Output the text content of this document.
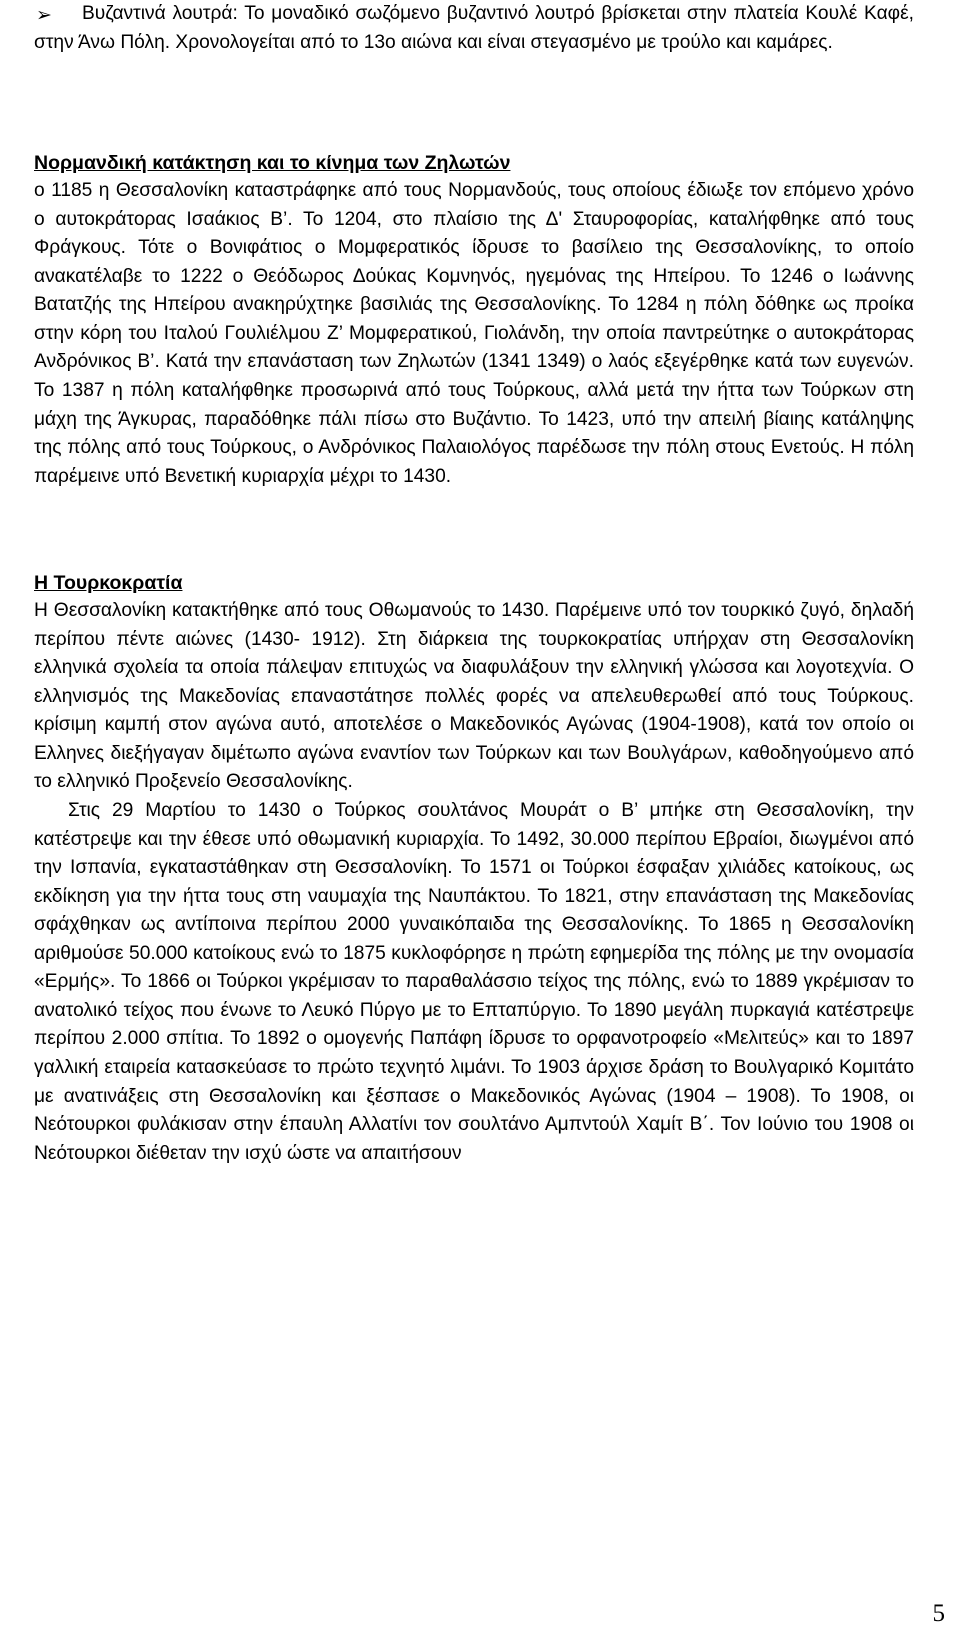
➢	Βυζαντινά λουτρά: Το μοναδικό σωζόμενο βυζαντινό λουτρό βρίσκεται στην πλατεία Κουλέ Καφέ, στην Άνω Πόλη. Χρονολογείται από το 13ο αιώνα και είναι στεγασμένο με τρούλο και καμάρες.

Νορμανδική κατάκτηση και το κίνημα των Ζηλωτών

ο 1185 η Θεσσαλονίκη καταστράφηκε από τους Νορμανδούς, τους οποίους έδιωξε τον επόμενο χρόνο ο αυτοκράτορας Ισαάκιος Β’. Το 1204, στο πλαίσιο της Δ' Σταυροφορίας, καταλήφθηκε από τους Φράγκους. Τότε ο Βονιφάτιος ο Μομφερατικός ίδρυσε το βασίλειο της Θεσσαλονίκης, το οποίο ανακατέλαβε το 1222 ο Θεόδωρος Δούκας Κομνηνός, ηγεμόνας της Ηπείρου. Το 1246 ο Ιωάννης Βατατζής της Ηπείρου ανακηρύχτηκε βασιλιάς της Θεσσαλονίκης. Το 1284 η πόλη δόθηκε ως προίκα στην κόρη του Ιταλού Γουλιέλμου Ζ’ Μομφερατικού, Γιολάνδη, την οποία παντρεύτηκε ο αυτοκράτορας Ανδρόνικος Β’. Κατά την επανάσταση των Ζηλωτών (1341 1349) ο λαός εξεγέρθηκε κατά των ευγενών. Το 1387 η πόλη καταλήφθηκε προσωρινά από τους Τούρκους, αλλά μετά την ήττα των Τούρκων στη μάχη της Άγκυρας, παραδόθηκε πάλι πίσω στο Βυζάντιο. Το 1423, υπό την απειλή βίαιης κατάληψης της πόλης από τους Τούρκους, ο Ανδρόνικος Παλαιολόγος παρέδωσε την πόλη στους Ενετούς. Η πόλη παρέμεινε υπό Βενετική κυριαρχία μέχρι το 1430.

Η Τουρκοκρατία

Η Θεσσαλονίκη κατακτήθηκε από τους Οθωμανούς το 1430. Παρέμεινε υπό τον τουρκικό ζυγό, δηλαδή περίπου πέντε αιώνες (1430- 1912). Στη διάρκεια της τουρκοκρατίας υπήρχαν στη Θεσσαλονίκη ελληνικά σχολεία τα οποία πάλεψαν επιτυχώς να διαφυλάξουν την ελληνική γλώσσα και λογοτεχνία. Ο ελληνισμός της Μακεδονίας επαναστάτησε πολλές φορές να απελευθερωθεί από τους Τούρκους. κρίσιμη καμπή στον αγώνα αυτό, αποτελέσε ο Μακεδονικός Αγώνας (1904-1908), κατά τον οποίο οι Ελληνες διεξήγαγαν διμέτωπο αγώνα εναντίον των Τούρκων και των Βουλγάρων, καθοδηγούμενο από το ελληνικό Προξενείο Θεσσαλονίκης.

Στις 29 Μαρτίου το 1430 ο Τούρκος σουλτάνος Μουράτ ο Β’ μπήκε στη Θεσσαλονίκη, την κατέστρεψε και την έθεσε υπό οθωμανική κυριαρχία. Το 1492, 30.000 περίπου Εβραίοι, διωγμένοι από την Ισπανία, εγκαταστάθηκαν στη Θεσσαλονίκη. Το 1571 οι Τούρκοι έσφαξαν χιλιάδες κατοίκους, ως εκδίκηση για την ήττα τους στη ναυμαχία της Ναυπάκτου. Το 1821, στην επανάσταση της Μακεδονίας σφάχθηκαν ως αντίποινα περίπου 2000 γυναικόπαιδα της Θεσσαλονίκης. Το 1865 η Θεσσαλονίκη αριθμούσε 50.000 κατοίκους ενώ το 1875 κυκλοφόρησε η πρώτη εφημερίδα της πόλης με την ονομασία «Ερμής». Το 1866 οι Τούρκοι γκρέμισαν το παραθαλάσσιο τείχος της πόλης, ενώ το 1889 γκρέμισαν το ανατολικό τείχος που ένωνε το Λευκό Πύργο με το Επταπύργιο. Το 1890 μεγάλη πυρκαγιά κατέστρεψε περίπου 2.000 σπίτια. Το 1892 ο ομογενής Παπάφη ίδρυσε το ορφανοτροφείο «Μελιτεύς» και το 1897 γαλλική εταιρεία κατασκεύασε το πρώτο τεχνητό λιμάνι. Το 1903 άρχισε δράση το Βουλγαρικό Κομιτάτο με ανατινάξεις στη Θεσσαλονίκη και ξέσπασε ο Μακεδονικός Αγώνας (1904 – 1908). Το 1908, οι Νεότουρκοι φυλάκισαν στην έπαυλη Αλλατίνι τον σουλτάνο Αμπντούλ Χαμίτ Β΄. Τον Ιούνιο του 1908 οι Νεότουρκοι διέθεταν την ισχύ ώστε να απαιτήσουν

5
